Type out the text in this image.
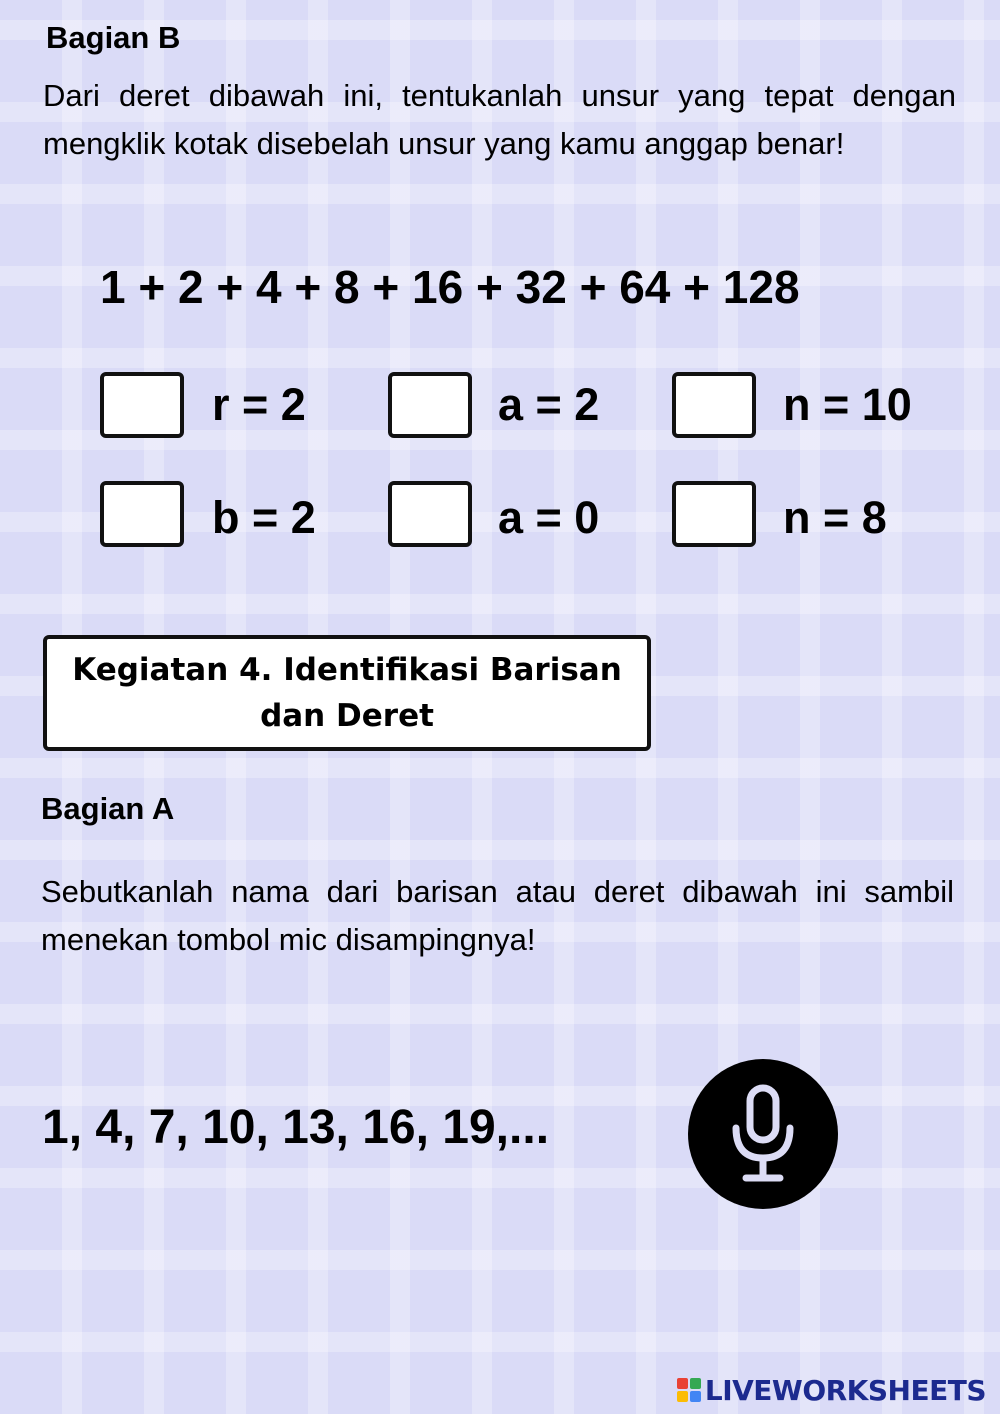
Bagian B
Dari deret dibawah ini, tentukanlah unsur yang tepat dengan mengklik kotak disebelah unsur yang kamu anggap benar!
1 + 2 + 4 + 8 + 16 + 32 + 64 + 128
r = 2	a = 2	n = 10
b = 2	a = 0	n = 8
Kegiatan 4. Identifikasi Barisan dan Deret
Bagian A
Sebutkanlah nama dari barisan atau deret dibawah ini sambil menekan tombol mic disampingnya!
1, 4, 7, 10, 13, 16, 19,...
LIVEWORKSHEETS
